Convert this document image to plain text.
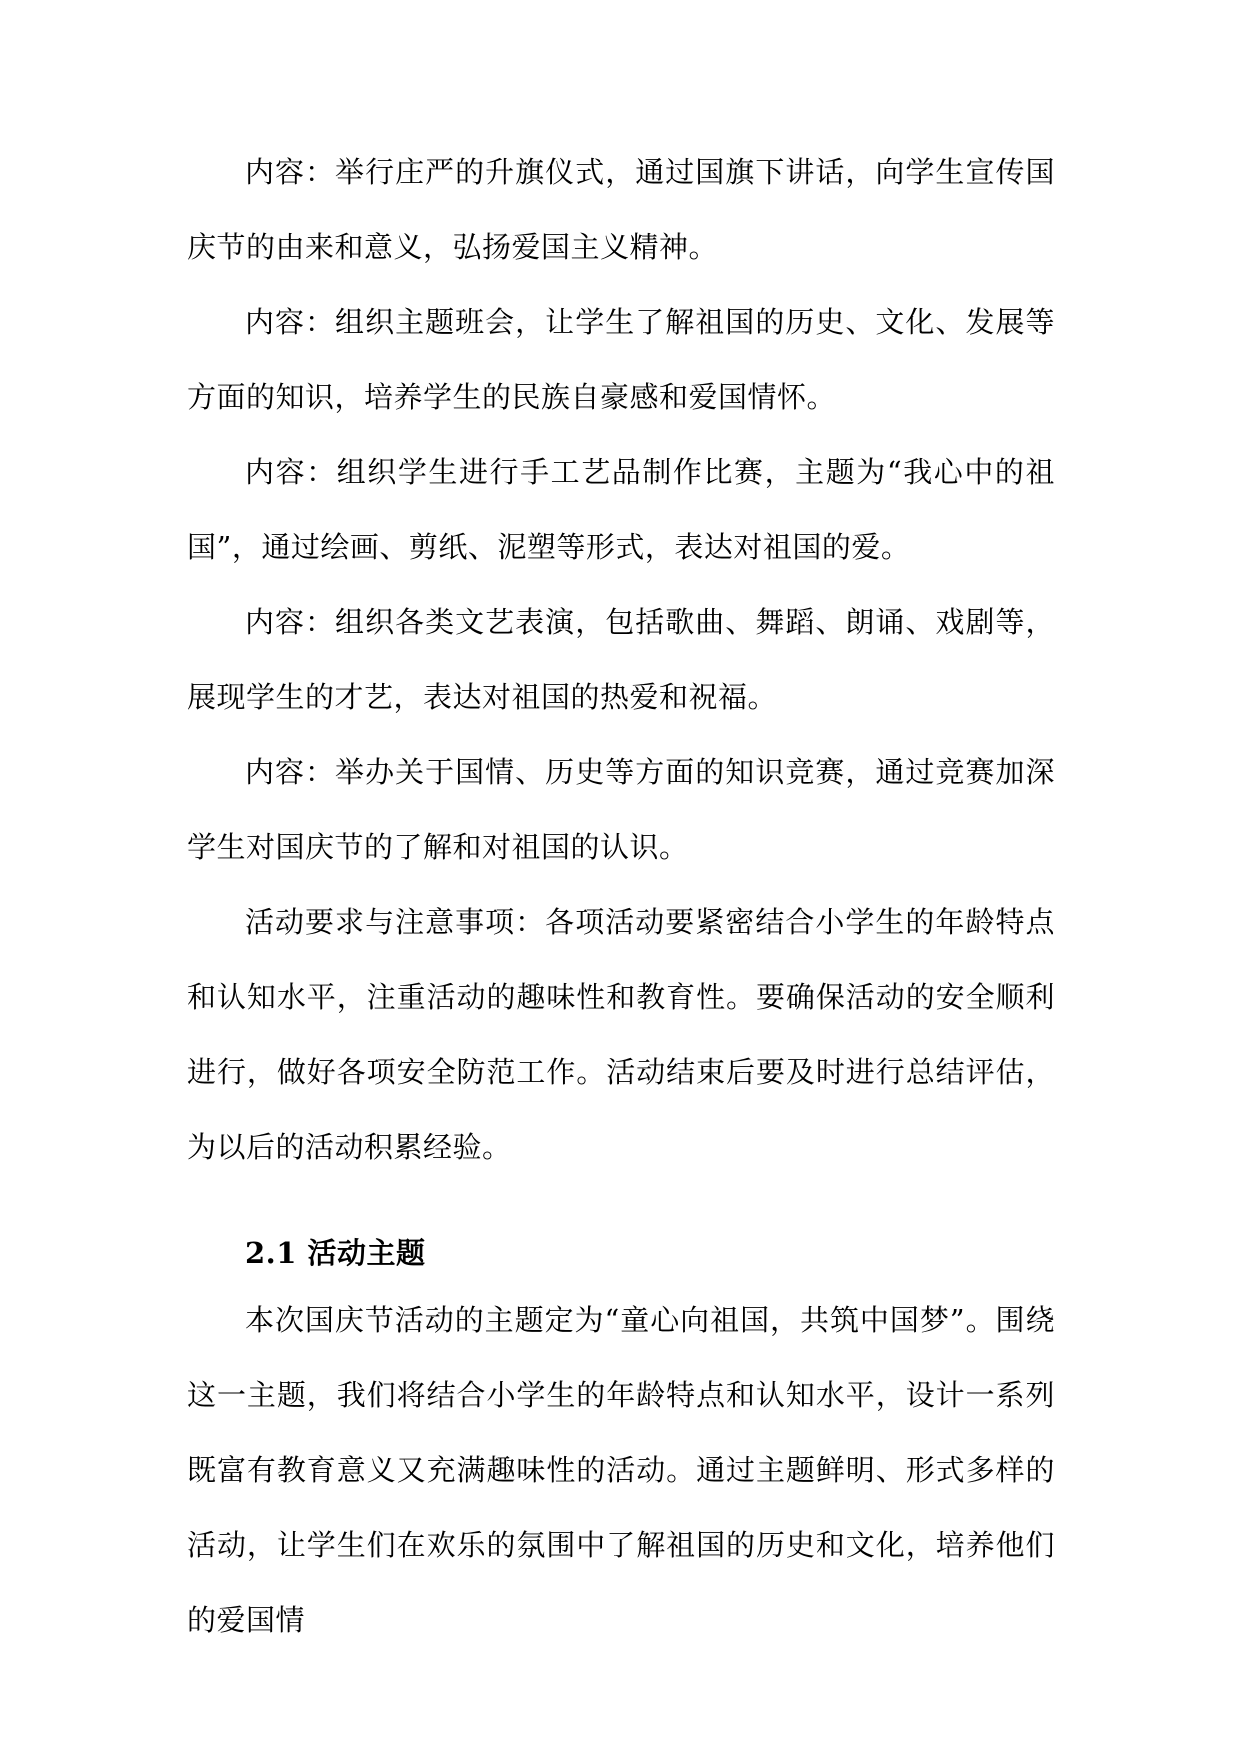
内容：举行庄严的升旗仪式，通过国旗下讲话，向学生宣传国庆节的由来和意义，弘扬爱国主义精神。

内容：组织主题班会，让学生了解祖国的历史、文化、发展等方面的知识，培养学生的民族自豪感和爱国情怀。

内容：组织学生进行手工艺品制作比赛，主题为“我心中的祖国”，通过绘画、剪纸、泥塑等形式，表达对祖国的爱。

内容：组织各类文艺表演，包括歌曲、舞蹈、朗诵、戏剧等，展现学生的才艺，表达对祖国的热爱和祝福。

内容：举办关于国情、历史等方面的知识竞赛，通过竞赛加深学生对国庆节的了解和对祖国的认识。

活动要求与注意事项：各项活动要紧密结合小学生的年龄特点和认知水平，注重活动的趣味性和教育性。要确保活动的安全顺利进行，做好各项安全防范工作。活动结束后要及时进行总结评估，为以后的活动积累经验。

2.1 活动主题

本次国庆节活动的主题定为“童心向祖国，共筑中国梦”。围绕这一主题，我们将结合小学生的年龄特点和认知水平，设计一系列既富有教育意义又充满趣味性的活动。通过主题鲜明、形式多样的活动，让学生们在欢乐的氛围中了解祖国的历史和文化，培养他们的爱国情
